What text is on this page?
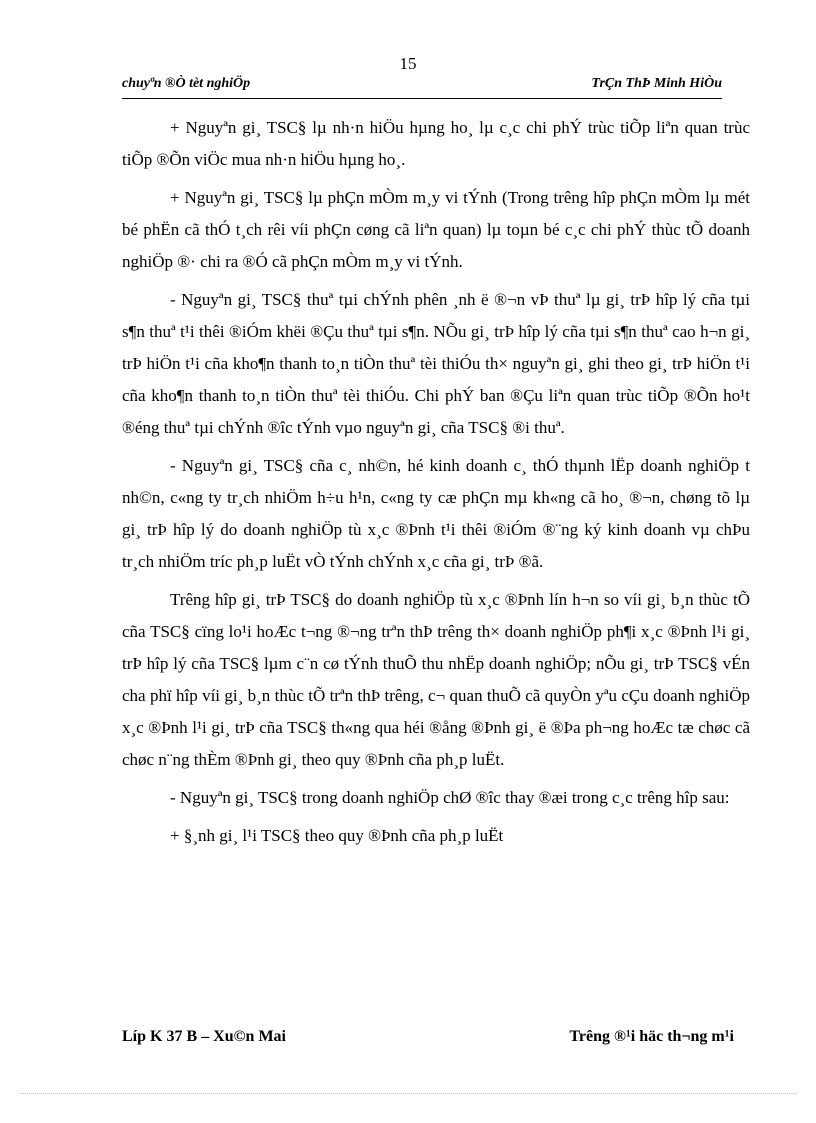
15
chuyªn ®Ò tèt nghiÖp	TrÇn ThÞ Minh HiÒu

+ Nguyªn gi¸ TSC§ lµ nh·n hiÖu hµng ho¸ lµ c¸c chi phÝ trùc tiÕp liªn quan trùc tiÕp ®Õn viÖc mua nh·n hiÖu hµng ho¸.

+ Nguyªn gi¸ TSC§ lµ phÇn mÒm m¸y vi tÝnh (Trong trêng hîp phÇn mÒm lµ mét bé phËn cã thÓ t¸ch rêi víi phÇn cøng cã liªn quan) lµ toµn bé c¸c chi phÝ thùc tÕ doanh nghiÖp ®· chi ra ®Ó cã phÇn mÒm m¸y vi tÝnh.

- Nguyªn gi¸ TSC§ thuª tµi chÝnh phên ¸nh ë ®¬n vÞ thuª lµ gi¸ trÞ hîp lý cña tµi s¶n thuª t¹i thêi ®iÓm khëi ®Çu thuª tµi s¶n. NÕu gi¸ trÞ hîp lý cña tµi s¶n thuª cao h¬n gi¸ trÞ hiÖn t¹i cña kho¶n thanh to¸n tiÒn thuª tèi thiÓu th× nguyªn gi¸ ghi theo gi¸ trÞ hiÖn t¹i cña kho¶n thanh to¸n tiÒn thuª tèi thiÓu. Chi phÝ ban ®Çu liªn quan trùc tiÕp ®Õn ho¹t ®éng thuª tµi chÝnh ®îc tÝnh vµo nguyªn gi¸ cña TSC§ ®i thuª.

- Nguyªn gi¸ TSC§ cña c¸ nh©n, hé kinh doanh c¸ thÓ thµnh lËp doanh nghiÖp t nh©n, c«ng ty tr¸ch nhiÖm h÷u h¹n, c«ng ty cæ phÇn mµ kh«ng cã ho¸ ®¬n, chøng tõ lµ gi¸ trÞ hîp lý do doanh nghiÖp tù x¸c ®Þnh t¹i thêi ®iÓm ®¨ng ký kinh doanh vµ chÞu tr¸ch nhiÖm tríc ph¸p luËt vÒ tÝnh chÝnh x¸c cña gi¸ trÞ ®ã.

Trêng hîp gi¸ trÞ TSC§ do doanh nghiÖp tù x¸c ®Þnh lín h¬n so víi gi¸ b¸n thùc tÕ cña TSC§ cïng lo¹i hoÆc t¬ng ®¬ng trªn thÞ trêng th× doanh nghiÖp ph¶i x¸c ®Þnh l¹i gi¸ trÞ hîp lý cña TSC§ lµm c¨n cø tÝnh thuÕ thu nhËp doanh nghiÖp; nÕu gi¸ trÞ TSC§ vÉn cha phï hîp víi gi¸ b¸n thùc tÕ trªn thÞ trêng, c¬ quan thuÕ cã quyÒn yªu cÇu doanh nghiÖp x¸c ®Þnh l¹i gi¸ trÞ cña TSC§ th«ng qua héi ®ång ®Þnh gi¸ ë ®Þa ph¬ng hoÆc tæ chøc cã chøc n¨ng thÈm ®Þnh gi¸ theo quy ®Þnh cña ph¸p luËt.

- Nguyªn gi¸ TSC§ trong doanh nghiÖp chØ ®îc thay ®æi trong c¸c trêng hîp sau:

+ §¸nh gi¸ l¹i TSC§ theo quy ®Þnh cña ph¸p luËt

Líp K 37 B – Xu©n Mai	Trêng ®¹i häc th¬ng m¹i
